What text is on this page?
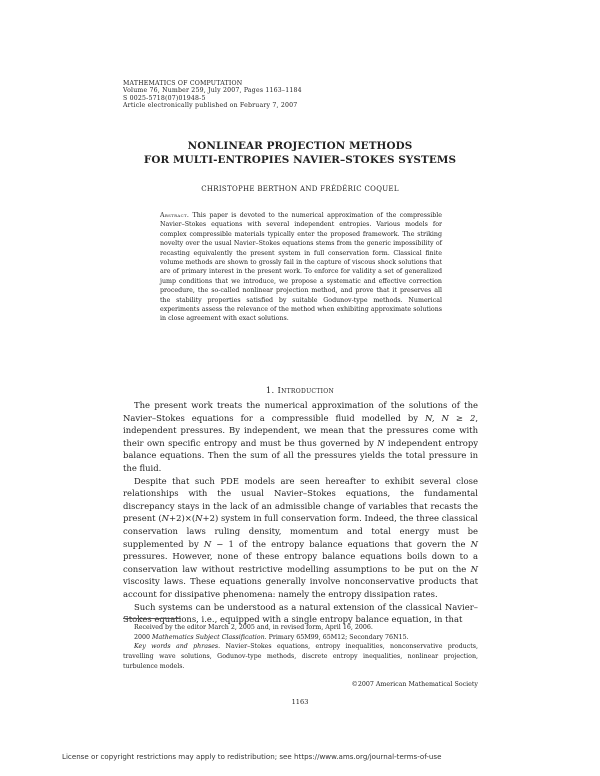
MATHEMATICS OF COMPUTATION
Volume 76, Number 259, July 2007, Pages 1163–1184
S 0025-5718(07)01948-5
Article electronically published on February 7, 2007
NONLINEAR PROJECTION METHODS
FOR MULTI-ENTROPIES NAVIER–STOKES SYSTEMS
CHRISTOPHE BERTHON AND FRÉDÉRIC COQUEL
Abstract. This paper is devoted to the numerical approximation of the compressible Navier–Stokes equations with several independent entropies. Various models for complex compressible materials typically enter the proposed framework. The striking novelty over the usual Navier–Stokes equations stems from the generic impossibility of recasting equivalently the present system in full conservation form. Classical finite volume methods are shown to grossly fail in the capture of viscous shock solutions that are of primary interest in the present work. To enforce for validity a set of generalized jump conditions that we introduce, we propose a systematic and effective correction procedure, the so-called nonlinear projection method, and prove that it preserves all the stability properties satisfied by suitable Godunov-type methods. Numerical experiments assess the relevance of the method when exhibiting approximate solutions in close agreement with exact solutions.
1. Introduction

The present work treats the numerical approximation of the solutions of the Navier–Stokes equations for a compressible fluid modelled by N, N ≥ 2, independent pressures. By independent, we mean that the pressures come with their own specific entropy and must be thus governed by N independent entropy balance equations. Then the sum of all the pressures yields the total pressure in the fluid.

Despite that such PDE models are seen hereafter to exhibit several close relationships with the usual Navier–Stokes equations, the fundamental discrepancy stays in the lack of an admissible change of variables that recasts the present (N+2)×(N+2) system in full conservation form. Indeed, the three classical conservation laws ruling density, momentum and total energy must be supplemented by N − 1 of the entropy balance equations that govern the N pressures. However, none of these entropy balance equations boils down to a conservation law without restrictive modelling assumptions to be put on the N viscosity laws. These equations generally involve nonconservative products that account for dissipative phenomena: namely the entropy dissipation rates.

Such systems can be understood as a natural extension of the classical Navier–Stokes equations, i.e., equipped with a single entropy balance equation, in that

Received by the editor March 2, 2005 and, in revised form, April 16, 2006.

2000 Mathematics Subject Classification. Primary 65M99, 65M12; Secondary 76N15.

Key words and phrases. Navier–Stokes equations, entropy inequalities, nonconservative products, travelling wave solutions, Godunov-type methods, discrete entropy inequalities, nonlinear projection, turbulence models.

©2007 American Mathematical Society
1163
License or copyright restrictions may apply to redistribution; see https://www.ams.org/journal-terms-of-use
